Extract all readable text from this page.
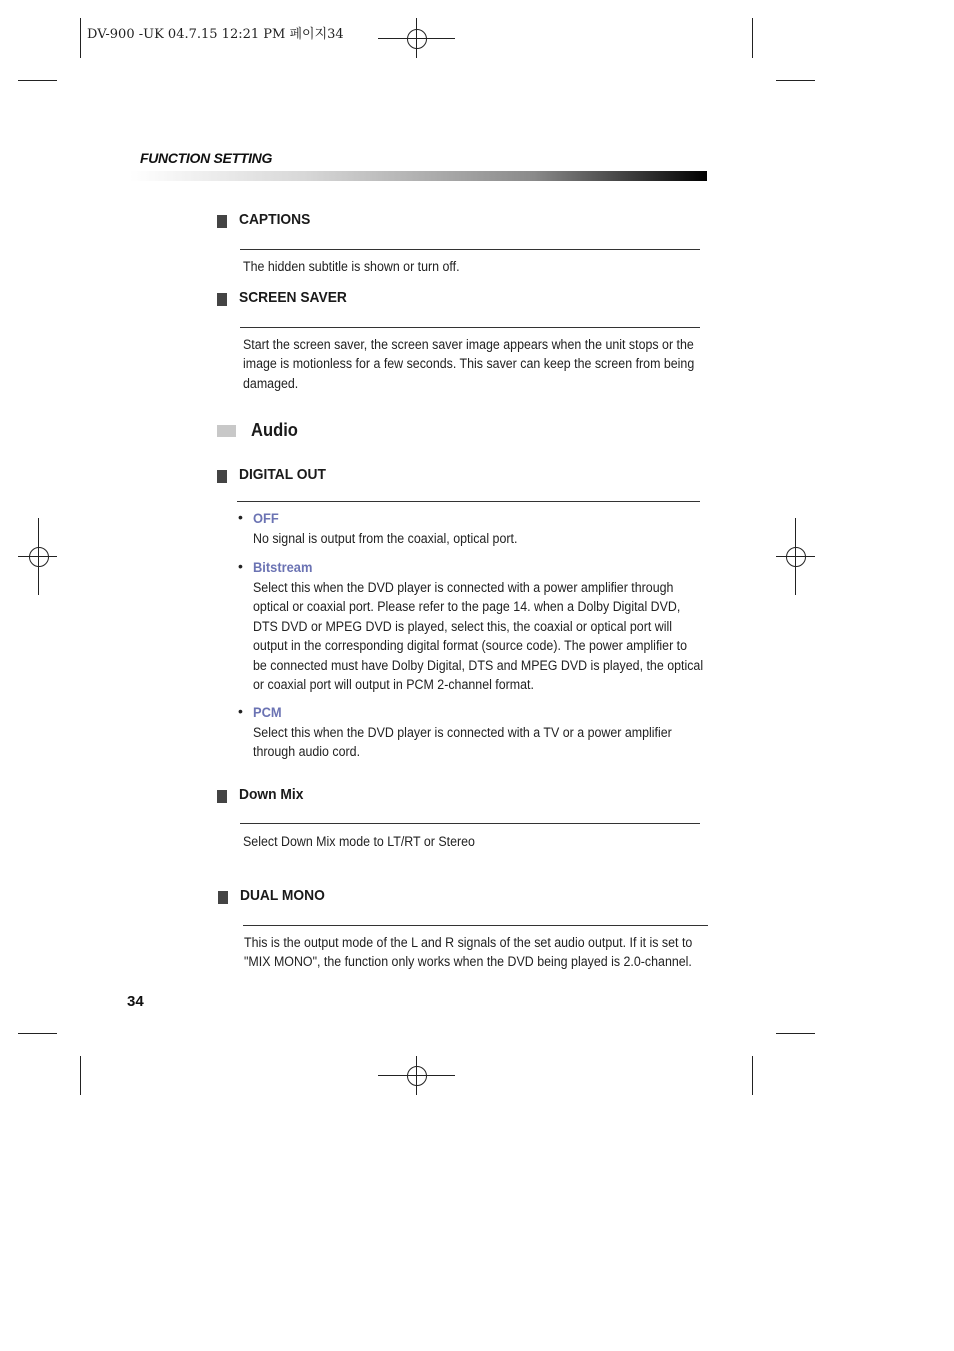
DV-900 -UK 04.7.15 12:21 PM 페이지34
FUNCTION SETTING
CAPTIONS
The hidden subtitle is shown or turn off.
SCREEN SAVER
Start the screen saver, the screen saver image appears when the unit stops or the image is motionless for a few seconds. This saver can keep the screen from being damaged.
Audio
DIGITAL OUT
• OFF
No signal is output from the coaxial, optical port.
• Bitstream
Select this when the DVD player is connected with a power amplifier through optical or coaxial port. Please refer to the page 14. when a Dolby Digital DVD, DTS DVD or MPEG DVD is played, select this, the coaxial or optical port will output in the corresponding digital format (source code). The power amplifier to be connected must have Dolby Digital, DTS and MPEG DVD is played, the optical or coaxial port will output in PCM 2-channel format.
• PCM
Select this when the DVD player is connected with a TV or a power amplifier through audio cord.
Down Mix
Select Down Mix mode to LT/RT or Stereo
DUAL MONO
This is the output mode of the L and R signals of the set audio output. If it is set to "MIX MONO", the function only works when the DVD being played is 2.0-channel.
34
